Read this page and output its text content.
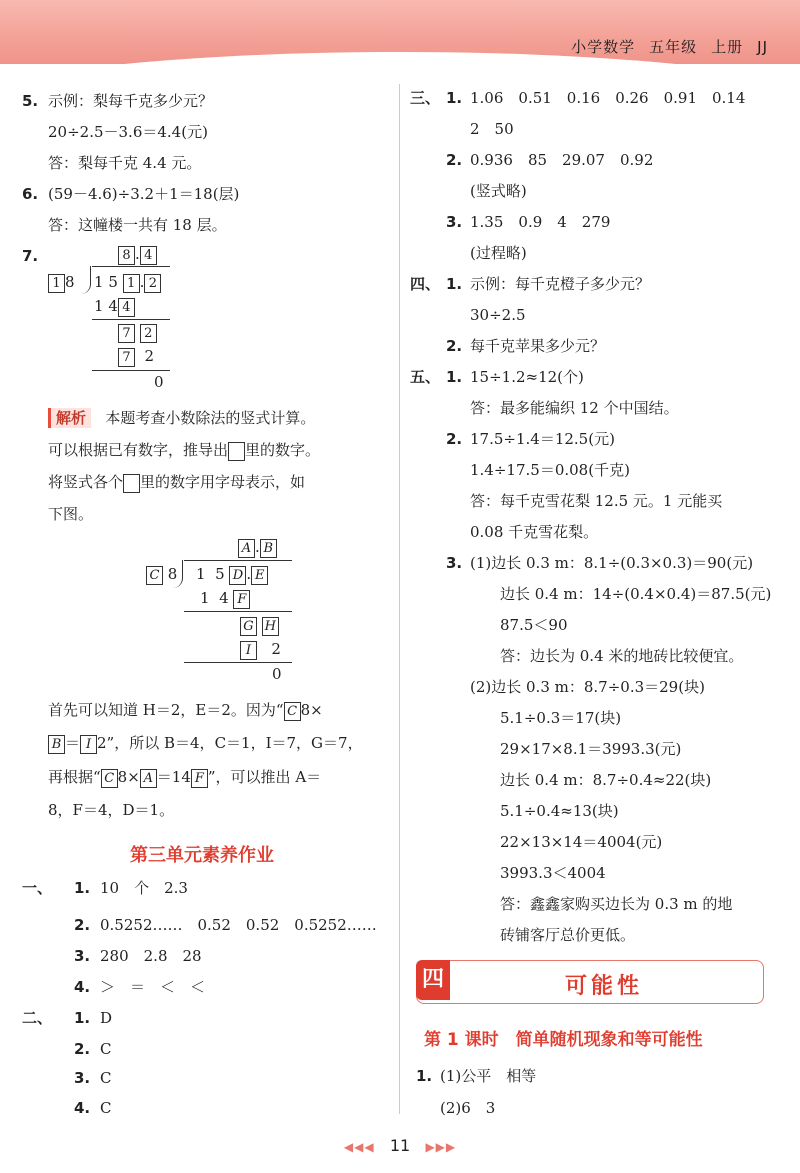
小学数学 五年级 上册 JJ
5. 示例：梨每千克多少元？
20÷2.5－3.6＝4.4(元)
答：梨每千克 4.4 元。
6. (59－4.6)÷3.2＋1＝18(层)
答：这幢楼一共有 18 层。
7.	8 . 4
1 8 1 5 1 . 2
1 4 4
7 2
7 2
0
解析 本题考查小数除法的竖式计算。
可以根据已有数字，推导出 里的数字。
将竖式各个 里的数字用字母表示，如
下图。
A . B
C 8 1 5 D . E
1 4 F
G H
I 2
0
首先可以知道 H＝2，E＝2。因为“ C 8×
B ＝ I 2”，所以 B＝4，C＝1，I＝7，G＝7，
再根据“ C 8× A ＝14 F ”，可以推出 A＝
8，F＝4，D＝1。
第三单元素养作业
一、 1. 10　个　2.3
2. 0.5252……　0.52　0.52　0.5252……
3. 280　2.8　28
4. ＞　＝　＜　＜
二、 1. D
2. C
3. C
4. C
三、 1. 1.06　0.51　0.16　0.26　0.91　0.14
2　50
2. 0.936　85　29.07　0.92
(竖式略)
3. 1.35　0.9　4　279
(过程略)
四、 1. 示例：每千克橙子多少元？
30÷2.5
2. 每千克苹果多少元？
五、 1. 15÷1.2≈12(个)
答：最多能编织 12 个中国结。
2. 17.5÷1.4＝12.5(元)
1.4÷17.5＝0.08(千克)
答：每千克雪花梨 12.5 元。1 元能买
0.08 千克雪花梨。
3. (1)边长 0.3 m：8.1÷(0.3×0.3)＝90(元)
边长 0.4 m：14÷(0.4×0.4)＝87.5(元)
87.5＜90
答：边长为 0.4 米的地砖比较便宜。
(2)边长 0.3 m：8.7÷0.3＝29(块)
5.1÷0.3＝17(块)
29×17×8.1＝3993.3(元)
边长 0.4 m：8.7÷0.4≈22(块)
5.1÷0.4≈13(块)
22×13×14＝4004(元)
3993.3＜4004
答：鑫鑫家购买边长为 0.3 m 的地
砖铺客厅总价更低。
四	可能性
第 1 课时　简单随机现象和等可能性
1. (1)公平　相等
(2)6　3
◀◀◀ 11 ▶▶▶
